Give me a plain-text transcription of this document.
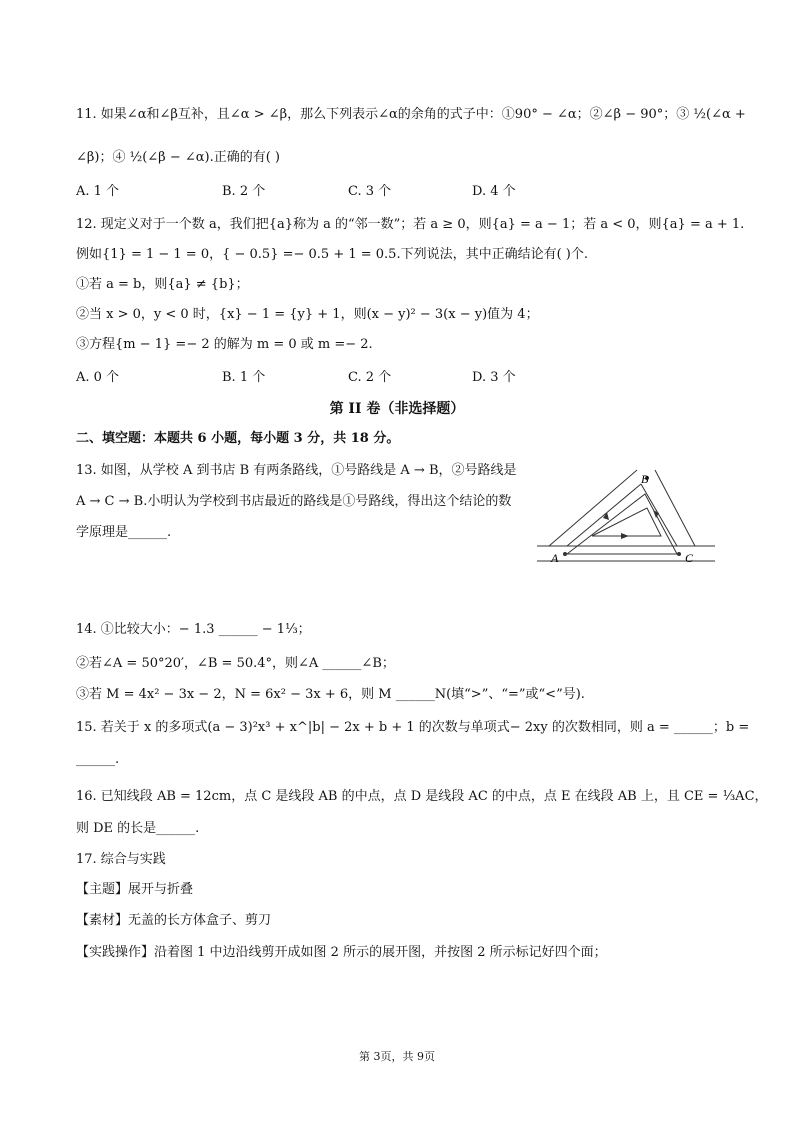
11. 如果∠α和∠β互补，且∠α > ∠β，那么下列表示∠α的余角的式子中：①90° − ∠α；②∠β − 90°；③ ½(∠α +
∠β)；④ ½(∠β − ∠α).正确的有( )
A. 1 个	B. 2 个	C. 3 个	D. 4 个
12. 现定义对于一个数 a，我们把{a}称为 a 的“邻一数”；若 a ≥ 0，则{a} = a − 1；若 a < 0，则{a} = a + 1.
例如{1} = 1 − 1 = 0，{ − 0.5} =− 0.5 + 1 = 0.5.下列说法，其中正确结论有( )个.
①若 a = b，则{a} ≠ {b}；
②当 x > 0，y < 0 时，{x} − 1 = {y} + 1，则(x − y)² − 3(x − y)值为 4；
③方程{m − 1} =− 2 的解为 m = 0 或 m =− 2.
A. 0 个	B. 1 个	C. 2 个	D. 3 个
第 II 卷（非选择题）
二、填空题：本题共 6 小题，每小题 3 分，共 18 分。
13. 如图，从学校 A 到书店 B 有两条路线，①号路线是 A → B，②号路线是
A → C → B.小明认为学校到书店最近的路线是①号路线，得出这个结论的数
学原理是______.
A	C
B
14. ①比较大小：− 1.3 ______ − 1⅓；
②若∠A = 50°20′，∠B = 50.4°，则∠A ______∠B；
③若 M = 4x² − 3x − 2，N = 6x² − 3x + 6，则 M ______N(填“>”、“=”或“<”号).
15. 若关于 x 的多项式(a − 3)²x³ + x^|b| − 2x + b + 1 的次数与单项式− 2xy 的次数相同，则 a = ______；b =
______.
16. 已知线段 AB = 12cm，点 C 是线段 AB 的中点，点 D 是线段 AC 的中点，点 E 在线段 AB 上，且 CE = ⅓AC，
则 DE 的长是______.
17. 综合与实践
【主题】展开与折叠
【素材】无盖的长方体盒子、剪刀
【实践操作】沿着图 1 中边沿线剪开成如图 2 所示的展开图，并按图 2 所示标记好四个面；
第 3页，共 9页
